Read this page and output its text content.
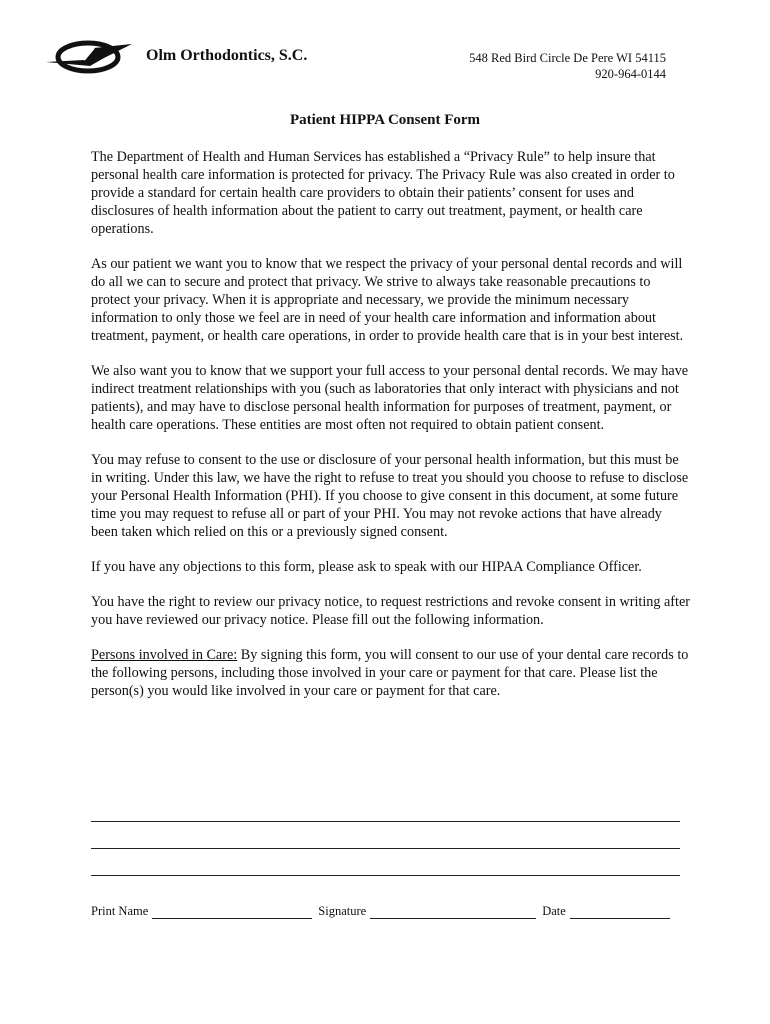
Olm Orthodontics, S.C.	548 Red Bird Circle De Pere WI 54115
920-964-0144
Patient HIPPA Consent Form

The Department of Health and Human Services has established a “Privacy Rule” to help insure that personal health care information is protected for privacy. The Privacy Rule was also created in order to provide a standard for certain health care providers to obtain their patients’ consent for uses and disclosures of health information about the patient to carry out treatment, payment, or health care operations.

As our patient we want you to know that we respect the privacy of your personal dental records and will do all we can to secure and protect that privacy. We strive to always take reasonable precautions to protect your privacy. When it is appropriate and necessary, we provide the minimum necessary information to only those we feel are in need of your health care information and information about treatment, payment, or health care operations, in order to provide health care that is in your best interest.

We also want you to know that we support your full access to your personal dental records. We may have indirect treatment relationships with you (such as laboratories that only interact with physicians and not patients), and may have to disclose personal health information for purposes of treatment, payment, or health care operations. These entities are most often not required to obtain patient consent.

You may refuse to consent to the use or disclosure of your personal health information, but this must be in writing. Under this law, we have the right to refuse to treat you should you choose to refuse to disclose your Personal Health Information (PHI). If you choose to give consent in this document, at some future time you may request to refuse all or part of your PHI. You may not revoke actions that have already been taken which relied on this or a previously signed consent.

If you have any objections to this form, please ask to speak with our HIPAA Compliance Officer.

You have the right to review our privacy notice, to request restrictions and revoke consent in writing after you have reviewed our privacy notice. Please fill out the following information.

Persons involved in Care: By signing this form, you will consent to our use of your dental care records to the following persons, including those involved in your care or payment for that care. Please list the person(s) you would like involved in your care or payment for that care.

Print Name	Signature	Date
